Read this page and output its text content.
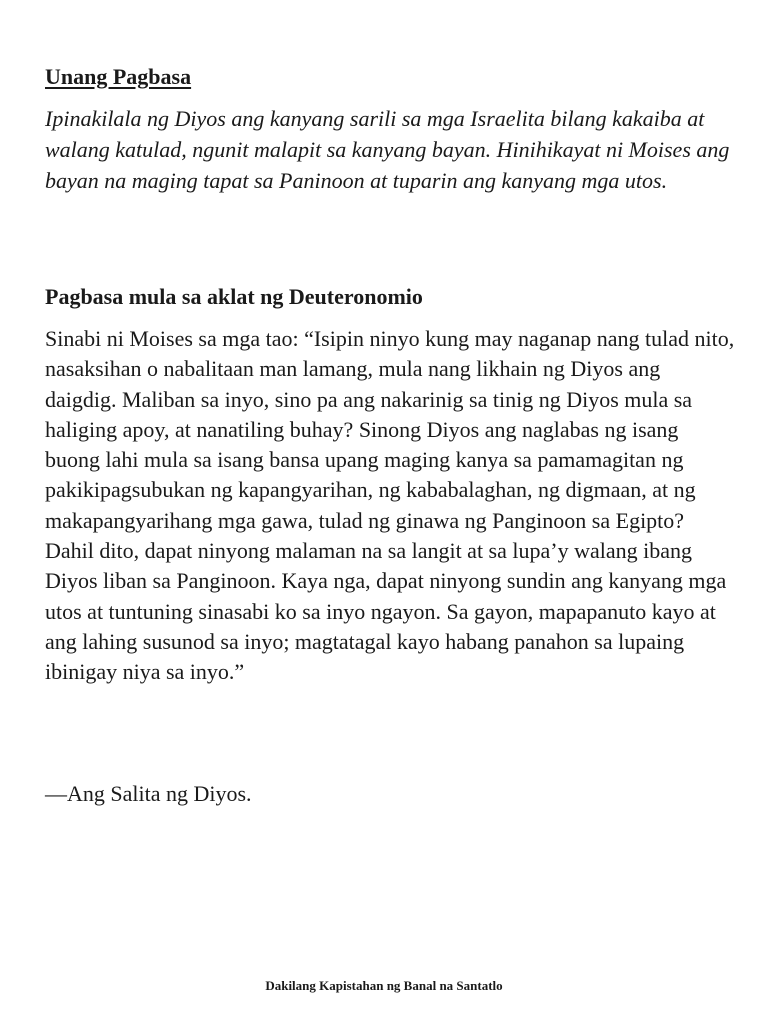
Unang Pagbasa

Ipinakilala ng Diyos ang kanyang sarili sa mga Israelita bilang kakaiba at walang katulad, ngunit malapit sa kanyang bayan. Hinihikayat ni Moises ang bayan na maging tapat sa Paninoon at tuparin ang kanyang mga utos.

Pagbasa mula sa aklat ng Deuteronomio

Sinabi ni Moises sa mga tao: “Isipin ninyo kung may naganap nang tulad nito, nasaksihan o nabalitaan man lamang, mula nang likhain ng Diyos ang daigdig. Maliban sa inyo, sino pa ang nakarinig sa tinig ng Diyos mula sa haliging apoy, at nanatiling buhay? Sinong Diyos ang naglabas ng isang buong lahi mula sa isang bansa upang maging kanya sa pamamagitan ng pakikipagsubukan ng kapangyarihan, ng kababalaghan, ng digmaan, at ng makapangyarihang mga gawa, tulad ng ginawa ng Panginoon sa Egipto? Dahil dito, dapat ninyong malaman na sa langit at sa lupa’y walang ibang Diyos liban sa Panginoon. Kaya nga, dapat ninyong sundin ang kanyang mga utos at tuntuning sinasabi ko sa inyo ngayon. Sa gayon, mapapanuto kayo at ang lahing susunod sa inyo; magtatagal kayo habang panahon sa lupaing ibinigay niya sa inyo.”

—Ang Salita ng Diyos.

Dakilang Kapistahan ng Banal na Santatlo
